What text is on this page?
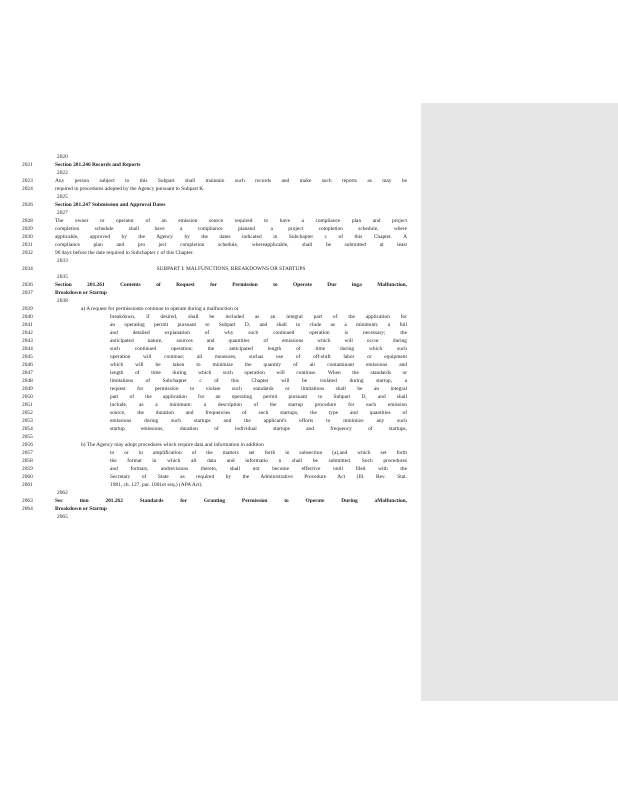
2020
2021	Section 201.246 Records and Reports
2022
2023	Any person subject to this Subpart shall maintain such records and make such reports as may be
2024	required in procedures adopted by the Agency pursuant to Subpart K.
2025
2026	Section 201.247 Submission and Approval Dates
2027
2028	The owner or operator of an emission source required to have a compliance plan and project
2029	completion schedule shall have a compliance planand a project completion schedule, where
2030	applicable, approved by the Agency by the dates indicated in Subchapter c of this Chapter. A
2031	compliance plan and pro ject completion schedule, whereapplicable, shall be submitted at least
2032	90 days before the date required in Subchapter c of this Chapter.
2033
2034	SUBPART I: MALFUNCTIONS, BREAKDOWNS OR STARTUPS
2035
2036	Section 201.261 Contents of Request for Permission to Operate Dur inga Malfunction,
2037	Breakdown or Startup
2038
2039	a) A request for permissionto continue to operate during a malfunction or
2040	breakdown, if desired, shall be included as an integral part of the application for
2041	an operating permit pursuant to Subpart D, and shall in clude as a minimum: a full
2042	and detailed explanation of why such continued operation is necessary; the
2043	anticipated nature, sources and quantities of emissions which will occur during
2044	such continued operation; the anticipated length of time during which such
2045	operation will continue; all measures, suchas use of off-shift labor or equipment
2046	which will be taken to minimize the quantity of air contaminant emissions and
2047	length of time during which such operation will continue. When the standards or
2048	limitations of Subchapter c of this Chapter will be violated during startup, a
2049	request for permission to violate such standards or limitations shall be an integral
2050	part of the application for an operating permit pursuant to Subpart D, and shall
2051	include, as a minimum: a description of the startup procedure for each emission
2052	source, the duration and frequencies of such startups, the type and quantities of
2053	emissions during such startups and the applicant's efforts to minimize any such
2054	startup emissions, duration of individual startups and frequency of startups.
2055
2056	b) The Agency may adopt procedures which require data and information in addition
2057	to or in amplification of the matters set forth in subsection (a),and which set forth
2058	the format in which all data and informatio n shall be submitted. Such procedures
2059	and formats, andrevisions thereto, shall not become effective until filed with the
2060	Secretary of State as required by the Administrative Procedure Act (Ill. Rev. Stat.
2061	1981, ch. 127, par. 1001et seq.) (APA Act).
2062
2063	Sec tion 201.262 Standards for Granting Permission to Operate During aMalfunction,
2064	Breakdown or Startup
2065
